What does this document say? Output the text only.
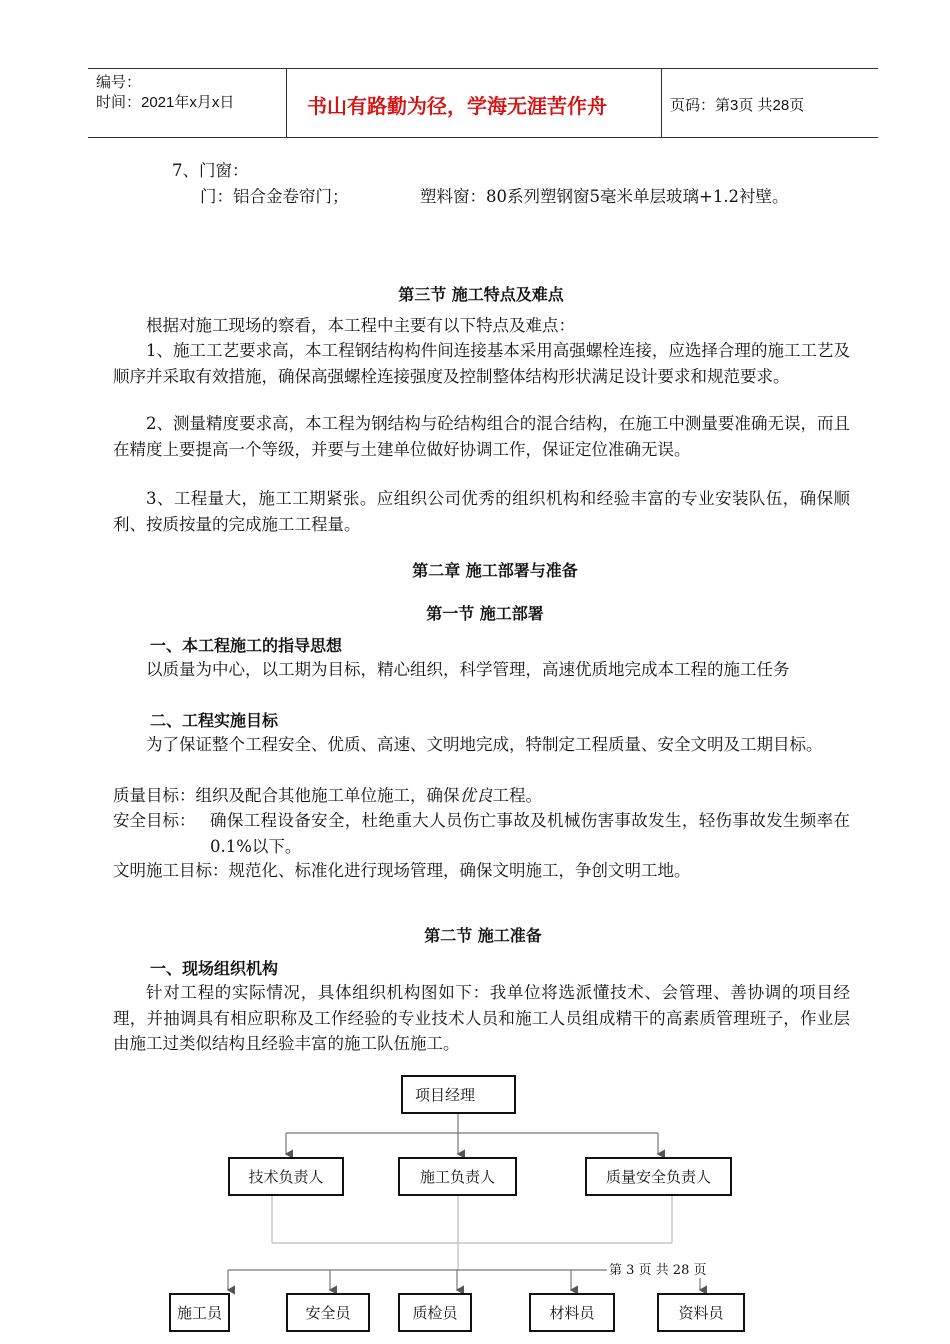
编号：
时间：2021年x月x日	书山有路勤为径，学海无涯苦作舟	页码：第3页 共28页
7、门窗：
门：铝合金卷帘门；	塑料窗：80系列塑钢窗5毫米单层玻璃+1.2衬壁。
第三节 施工特点及难点
根据对施工现场的察看，本工程中主要有以下特点及难点：
1、施工工艺要求高，本工程钢结构构件间连接基本采用高强螺栓连接，应选择合理的施工工艺及顺序并采取有效措施，确保高强螺栓连接强度及控制整体结构形状满足设计要求和规范要求。
2、测量精度要求高，本工程为钢结构与砼结构组合的混合结构，在施工中测量要准确无误，而且在精度上要提高一个等级，并要与土建单位做好协调工作，保证定位准确无误。
3、工程量大，施工工期紧张。应组织公司优秀的组织机构和经验丰富的专业安装队伍，确保顺利、按质按量的完成施工工程量。
第二章 施工部署与准备
第一节 施工部署
一、本工程施工的指导思想
以质量为中心，以工期为目标，精心组织，科学管理，高速优质地完成本工程的施工任务
二、工程实施目标
为了保证整个工程安全、优质、高速、文明地完成，特制定工程质量、安全文明及工期目标。
质量目标：组织及配合其他施工单位施工，确保优良工程。
安全目标： 确保工程设备安全，杜绝重大人员伤亡事故及机械伤害事故发生，轻伤事故发生频率在0.1%以下。
文明施工目标：规范化、标准化进行现场管理，确保文明施工，争创文明工地。
第二节 施工准备
一、现场组织机构
针对工程的实际情况，具体组织机构图如下：我单位将选派懂技术、会管理、善协调的项目经理，并抽调具有相应职称及工作经验的专业技术人员和施工人员组成精干的高素质管理班子，作业层由施工过类似结构且经验丰富的施工队伍施工。
项目经理
技术负责人	施工负责人	质量安全负责人
施工员	安全员	质检员	材料员	资料员
第 3 页 共 28 页
